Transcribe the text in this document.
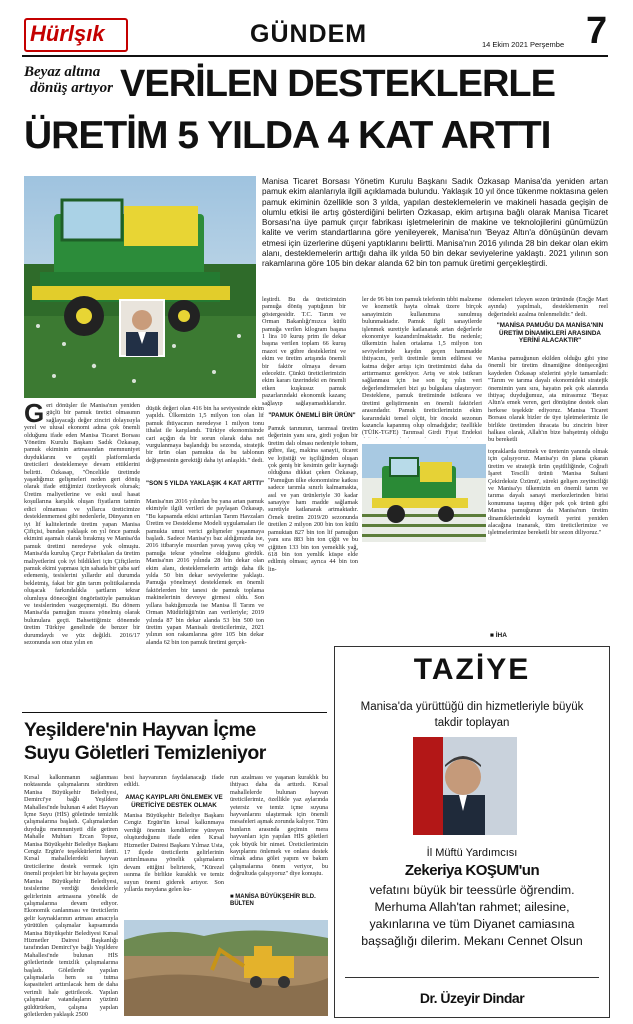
Hürlşık	GÜNDEM	14 Ekim 2021 Perşembe 7
Beyaz altına
dönüş artıyor VERİLEN DESTEKLERLE
ÜRETİM 5 YILDA 4 KAT ARTTI
Manisa Ticaret Borsası Yönetim Kurulu Başkanı Sadık Özkasap Manisa'da yeniden artan pamuk ekim alanlarıyla ilgili açıklamada bulundu. Yaklaşık 10 yıl önce tükenme noktasına gelen pamuk ekiminin özellikle son 3 yılda, yapılan desteklemelerin ve makineli hasada geçişin de olumlu etkisi ile artış gösterdiğini belirten Özkasap, ekim artışına bağlı olarak Manisa Ticaret Borsası'na üye pamuk çırçır fabrikası işletmelerinin de makine ve teknolojilerini günümüzün kalite ve verim standartlarına göre yenileyerek, Manisa'nın 'Beyaz Altın'a dönüşünün devam etmesi için üzerlerine düşeni yaptıklarını belirtti. Manisa'nın 2016 yılında 28 bin dekar olan ekim alanı, desteklemelerin arttığı daha ilk yılda 50 bin dekar seviyelerine yaklaştı. 2021 yılının son rakamlarına göre 105 bin dekar alanda 62 bin ton pamuk üretimi gerçekleştirdi.
G eri dönüşler ile Manisa'nın yeniden güçlü bir pamuk üretici olmasının sağlayacağı değer zinciri dolayısıyla yerel ve ulusal ekonomi adına çok önemli olduğunu ifade eden Manisa Ticaret Borsası Yönetim Kurulu Başkanı Sadık Özkasap, pamuk ekiminin artmasından memnuniyet duyduklarını ve çeşitli platformlarda üreticileri desteklemeye devam ettiklerini belirtti. Özkasap, "Öncelikle üretimde yaşadığımız gelişmeleri neden geri dönüş olarak ifade ettiğimizi özetleyecek olursak; Üretim maliyetlerine ve eski usul hasat koşullarına karşılık oluşan fiyatların tatmin edici olmaması ve yıllarca üreticimize desteklenmemesi gibi nedenlerle, Dünyanın en iyi lif kalitelerinde üretim yapan Manisa Çiftçisi, bundan yaklaşık on yıl önce pamuk ekimini aşamalı olarak bırakmış ve Manisa'da pamuk üretimi neredeyse yok olmuştu. Manisa'da kuruluş Çırçır Fabrikaları da üretim maliyetlerini çok iyi bildikleri için Çiftçilerin pamuk ekimi yapması için sahada bir çaba sarf edemeniş, tesislerini yıllardır atıl durumda bekletmiş, fakat bir gün tarım politikalarında oluşacak farkındalıkla şartların tekrar olumluya döneceğini öngörüstüyle pamuktan ve tesislerinden vazgeçmemişti. Bu dönem Manisa'da pamuğun mısıra yönelmiş olarak bulunulara geçti. Bahsettiğimiz dönemde üretim Türkiye genelinde de benzer bir durumdaydı ve yüz değildi. 2016/17 sezonunda son otuz yılın en
leştirdi. Bu da üreticimizin pamuğa dönüş yaptığının bir göstergesidir. T.C. Tarım ve Orman Bakanlığı'mızca kütlü pamuğa verilen kilogram başına 1 lira 10 kuruş prim ile dekar başına verilen toplam 66 kuruş mazot ve gübre desteklerini ve ekim ve üretim artışında önemli bir faktör olmaya devam edecektir. Çünkü üreticilerimizin ekim kararı üzerindeki en önemli etken kuşkusuz pamuk pazarlarındaki ekonomik kazanç sağlayıp sağlayamadıklarıdır.
düşük değeri olan 416 bin ha seviyesinde ekim yapıldı. Ülkemizin 1,5 milyon ton olan lif pamuk ihtiyacının neredeyse 1 milyon tonu ithalat ile karşılandı. Türkiye ekonomisinde cari açığın da bir sorun olarak daha net vurgulanmaya başlandığı bu sezonda, stratejik bir ürün olan pamukta da bu tablonun değişmesinin gerektiği daha iyi anlaşıldı." dedi.
"SON 5 YILDA YAKLAŞIK 4 KAT ARTTI"
Manisa'nın 2016 yılından bu yana artan pamuk ekimiyle ilgili verileri de paylaşan Özkasap, "Bu kapsamda etkisi arttırılan Tarım Havzaları Üretim ve Destekleme Modeli uygulamaları ile pamukta umut verici gelişmeler yaşanmaya başladı. Sadece Manisa'yı baz aldığımızda ise, 2016 itibarıyle mısırdan yavaş yavaş çıkış ve pamuğa tekrar yönelme olduğunu gördük. Manisa'nın 2016 yılında 28 bin dekar olan ekim alanı, desteklemelerin arttığı daha ilk yılda 50 bin dekar seviyelerine yaklaştı. Pamuğa yönelmeyi desteklemek en önemli faktörlerden bir tanesi de pamuk toplama makinelerinin devreye girmesi oldu. Son yıllara baktığımızda ise Manisa İl Tarım ve Orman Müdürlüğü'nün zan verileriyle; 2019 yılında 87 bin dekar alanda 53 bin 500 ton üretim yapan Manisalı üreticilerimiz, 2021 yılının son rakamlarına göre 105 bin dekar alanda 62 bin ton pamuk üretimi gerçek-
"PAMUK ÖNEMLİ BİR ÜRÜN"
Pamuk tarımının, tarımsal üretim değerinin yanı sıra, girdi yoğun bir üretim dalı olması nedeniyle tohum, gübre, ilaç, makina sanayii, ticaret ve lojistiği ve işçiliğinden oluşan çok geniş bir kesimin gelir kaynağı olduğuna dikkat çeken Özkasap, "Pamuğun ülke ekonomisine katkısı sadece tarımla sınırlı kalmamakta, asıl ve yan ürünleriyle 30 kadar sanayiye ham madde sağlamak suretiyle katlanarak artmaktadır. Örnek üretim 2019/20 sezonunda üretilen 2 milyon 200 bin ton kütlü pamuktan 827 bin ton lif pamuğun yanı sıra 883 bin ton çiğit ve bu çiğitten 133 bin ton yemeklik yağ, 618 bin ton yemlik küspe elde edilmiş olması; ayrıca 44 bin ton lin-
ler de 96 bin ton pamuk telefonin tıbbi malzeme ve kozmetik hayta olmak üzere birçok sanayimizin kullanımına sunulmuş bulunmaktadır. Pamuk ilgili sanayilerde işlenmek suretiyle katlanarak artan değerlerle ekonomiye kazandırılmaktadır. Bu nedenle; ülkemizin halen ortalama 1,5 milyon ton seviyelerinde kaydın geçen hammadde ihtiyacını, yerli üretimle temin edilmesi ve katma değer artışı için üretimimizi daha da arttırmamız gerekiyor. Artış ve stok istikrarı sağlanması için ise son üç yılın veri değerlendirmeleri bizi şu bulgulara ulaştırıyor: Desteklene, pamuk üretiminde istikrara ve üretimi geliştirmenin en önemli faktörleri arasındadır. Pamuk üreticilerimizin ekim kararındaki temel olçüt, bir önceki sezonun kazancla kapanmış olup olmadığıdır; özellikle (TÜİK-TGFE) Tarımsal Girdi Fiyat Endeksi
ödemeleri izleyen sezon ürününde (Ençğe Mart ayında) yapılmalı, desteklemenin reel değerindeki azalma önlenmelidir." dedi.
"MANİSA PAMUĞU DA MANİSA'NIN ÜRETİM DİNAMİKLERİ ARASINDA YERİNİ ALACAKTIR"
Manisa pamuğunun ekilden olduğu gibi yine önemli bir üretim dinamiğine dönüşeceğini kaydeden Özkasap sözlerini şöyle tamamladı: "Tarım ve tarıma dayalı ekonomideki stratejik önemimin yanı sıra, hayatın pek çok alanında ihtiyaç duyduğumuz, ata mirasımız 'Beyaz Altın'a emek veren, geri dönüşüne destek olan herkese teşekkür ediyoruz. Manisa Ticaret Borsası olarak bizler de üye işletmelerimiz ile birlikte üretimden ihracata bu zincirin birer halkası olarak, Allah'ın bize bahşetmiş olduğu bu bereketli
topraklarda üretmek ve üretenin yanında olmak için çalışıyoruz. Manisa'yı ön plana çıkaran üretim ve stratejik ürün çeşitliliğinde, Coğrafi İşaret Tescilli ürünü 'Manisa Sultani Çekirdeksiz Üzümü', süreki gelişen zeytinciliği ve Manisa'yı ülkemizin en önemli tarım ve tarıma dayalı sanayi merkezlerinden birisi konumuna taşımış diğer pek çok ürünü gibi Manisa pamuğunun da Manisa'nın üretim dinamiklerindeki kıymetli yerini yeniden alacağına inanarak, tüm üreticilerimize ve işletmelerimize bereketli bir sezon diliyoruz."
■ İHA
TAZİYE
Manisa'da yürüttüğü din hizmetleriyle büyük takdir toplayan
İl Müftü Yardımcısı
Zekeriya KOŞUM'un
vefatını büyük bir teessürle öğrendim. Merhuma Allah'tan rahmet; ailesine, yakınlarına ve tüm Diyanet camiasına başsağlığı dilerim. Mekanı Cennet Olsun
Dr. Üzeyir Dindar
Yeşildere'nin Hayvan İçme
Suyu Göletleri Temizleniyor
Kırsal kalkınmanın sağlanması noktasında çalışmalarını sürdüren Manisa Büyükşehir Belediyesi, Demirci'ye bağlı Yeşildere Mahallesi'nde bulunan 4 adet Hayvan İçme Suyu (HİS) göletinde temizlik çalışmalarına başladı. Çalışmalardan duyduğu memnuniyeti dile getiren Mahalle Muhtarı Ercan Topuz, Manisa Büyükşehir Belediye Başkanı Cengiz Ergün'e teşekkürlerini iletti. Kırsal mahallelerdeki hayvan üreticilerine destek vermek için önemli projeleri bir bir hayata geçiren Manisa Büyükşehir Belediyesi, tesislerine verdiği desteklerle gelirlerinin artmasına yönelik de çalışmalarına devam ediyor. Ekonomik canlanması ve üreticilerin gelir kaynaklarının artması amacıyla yürütülen çalışmalar kapsamında Manisa Büyükşehir Belediyesi Kırsal Hizmetler Dairesi Başkanlığı tarafından Demirci'ye bağlı Yeşildere Mahallesi'nde bulunan HİS göletlerinde temizlik çalışmalarına başladı. Göletlerde yapılan çalışmalarla hem su tutma kapasiteleri arttırılacak hem de daha verimli hale getirilecek. Yapılan çalışmalar vatandaşların yüzünü güldürürken, çalışma yapılan göletlerden yaklaşık 2500
besi hayvanının faydalanacağı ifade edildi.
AMAÇ KAYIPLARI ÖNLEMEK VE ÜRETİCİYE DESTEK OLMAK
Manisa Büyükşehir Belediye Başkanı Cengiz Ergün'ün kırsal kalkınmaya verdiği önemin kendilerine yüreyen oluşturduğunu ifade eden Kırsal Hizmetler Dairesi Başkanı Yılmaz Usta, 17 ilçede üreticilerin gelirlerinin arttırılmasına yönelik çalışmaların devam ettiğini belirterek, "Kürezel ısınma ile birlikte kuraklık ve temiz suyun önemi giderek artıyor. Son yıllarda meydana gelen ku-
run azalması ve yaşanan kuraklık bu ihtiyacı daha da arttırdı. Kırsal mahallelerde bulunan hayvan üreticilerimiz, özellikle yaz aylarında yetersiz ve temiz içme suyuna hayvanlarını ulaştırmak için önemli mesafeleri aşmak zorunda kalıyor. Tüm bunların arasında geçimin mera hayvanları için yapılan HİS göletleri çok büyük bir nimet. Üreticilerimizin kayıplarını önlemek ve onlara destek olmak adına gölet yapım ve bakım çalışmalarına önem veriyor, bu doğrultuda çalışıyoruz" diye konuştu.
■ MANİSA BÜYÜKŞEHİR BLD. BÜLTEN
